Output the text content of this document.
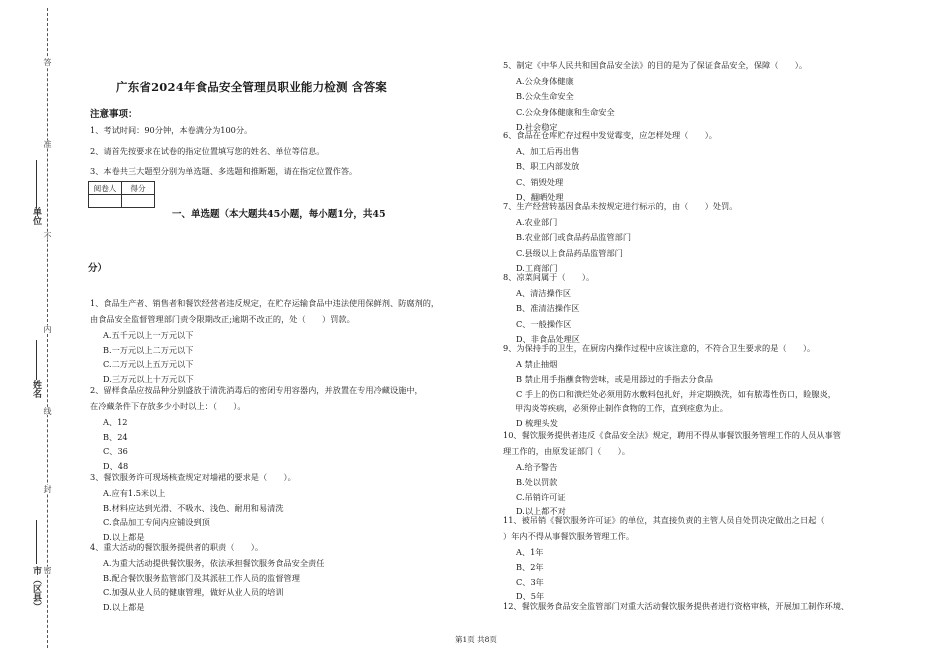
答
准
不
内
线
封
密
单位
姓名
市（区县）
广东省2024年食品安全管理员职业能力检测 含答案
注意事项：
1、考试时间：90分钟，本卷满分为100分。
2、请首先按要求在试卷的指定位置填写您的姓名、单位等信息。
3、本卷共三大题型分别为单选题、多选题和推断题，请在指定位置作答。
阅卷人	得分

一、单选题（本大题共45小题，每小题1分，共45
分）
1、食品生产者、销售者和餐饮经营者违反规定，在贮存运输食品中违法使用保鲜剂、防腐剂的，
由食品安全监督管理部门责令限期改正;逾期不改正的，处（　　）罚款。
A.五千元以上一万元以下
B.一万元以上二万元以下
C.二万元以上五万元以下
D.三万元以上十万元以下
2、留样食品应按品种分别盛放于清洗消毒后的密闭专用容器内，并放置在专用冷藏设施中，
在冷藏条件下存放多少小时以上：（　　）。
A、12
B、24
C、36
D、48
3、餐饮服务许可现场核查规定对墙裙的要求是（　　）。
A.应有1.5米以上
B.材料应达到光滑、不吸水、浅色、耐用和易清洗
C.食品加工专间内应铺设到顶
D.以上都是
4、重大活动的餐饮服务提供者的职责（　　）。
A.为重大活动提供餐饮服务，依法承担餐饮服务食品安全责任
B.配合餐饮服务监管部门及其派驻工作人员的监督管理
C.加强从业人员的健康管理，做好从业人员的培训
D.以上都是
5、制定《中华人民共和国食品安全法》的目的是为了保证食品安全，保障（　　）。
A.公众身体健康
B.公众生命安全
C.公众身体健康和生命安全
D.社会稳定
6、食品在仓库贮存过程中发觉霉变，应怎样处理（　　）。
A、加工后再出售
B、职工内部发放
C、销毁处理
D、翻晒处理
7、生产经营转基因食品未按规定进行标示的，由（　　）处罚。
A.农业部门
B.农业部门或食品药品监管部门
C.县级以上食品药品监管部门
D.工商部门
8、凉菜间属于（　　）。
A、清洁操作区
B、准清洁操作区
C、一般操作区
D、非食品处理区
9、为保持手的卫生，在厨房内操作过程中应该注意的，不符合卫生要求的是（　　）。
A 禁止抽烟
B 禁止用手指蘸食物尝味，或是用舔过的手指去分食品
C 手上的伤口和溃烂处必须用防水敷料包扎好，并定期换洗，如有脓毒性伤口，睑腺炎，
甲沟炎等疾病，必须停止制作食物的工作，直到痊愈为止。
D 梳理头发
10、餐饮服务提供者违反《食品安全法》规定，聘用不得从事餐饮服务管理工作的人员从事管
理工作的，由原发证部门（　　）。
A.给予警告
B.处以罚款
C.吊销许可证
D.以上都不对
11、被吊销《餐饮服务许可证》的单位，其直接负责的主管人员自处罚决定做出之日起（
）年内不得从事餐饮服务管理工作。
A、1年
B、2年
C、3年
D、5年
12、餐饮服务食品安全监管部门对重大活动餐饮服务提供者进行资格审核，开展加工制作环境、
第1页 共8页
